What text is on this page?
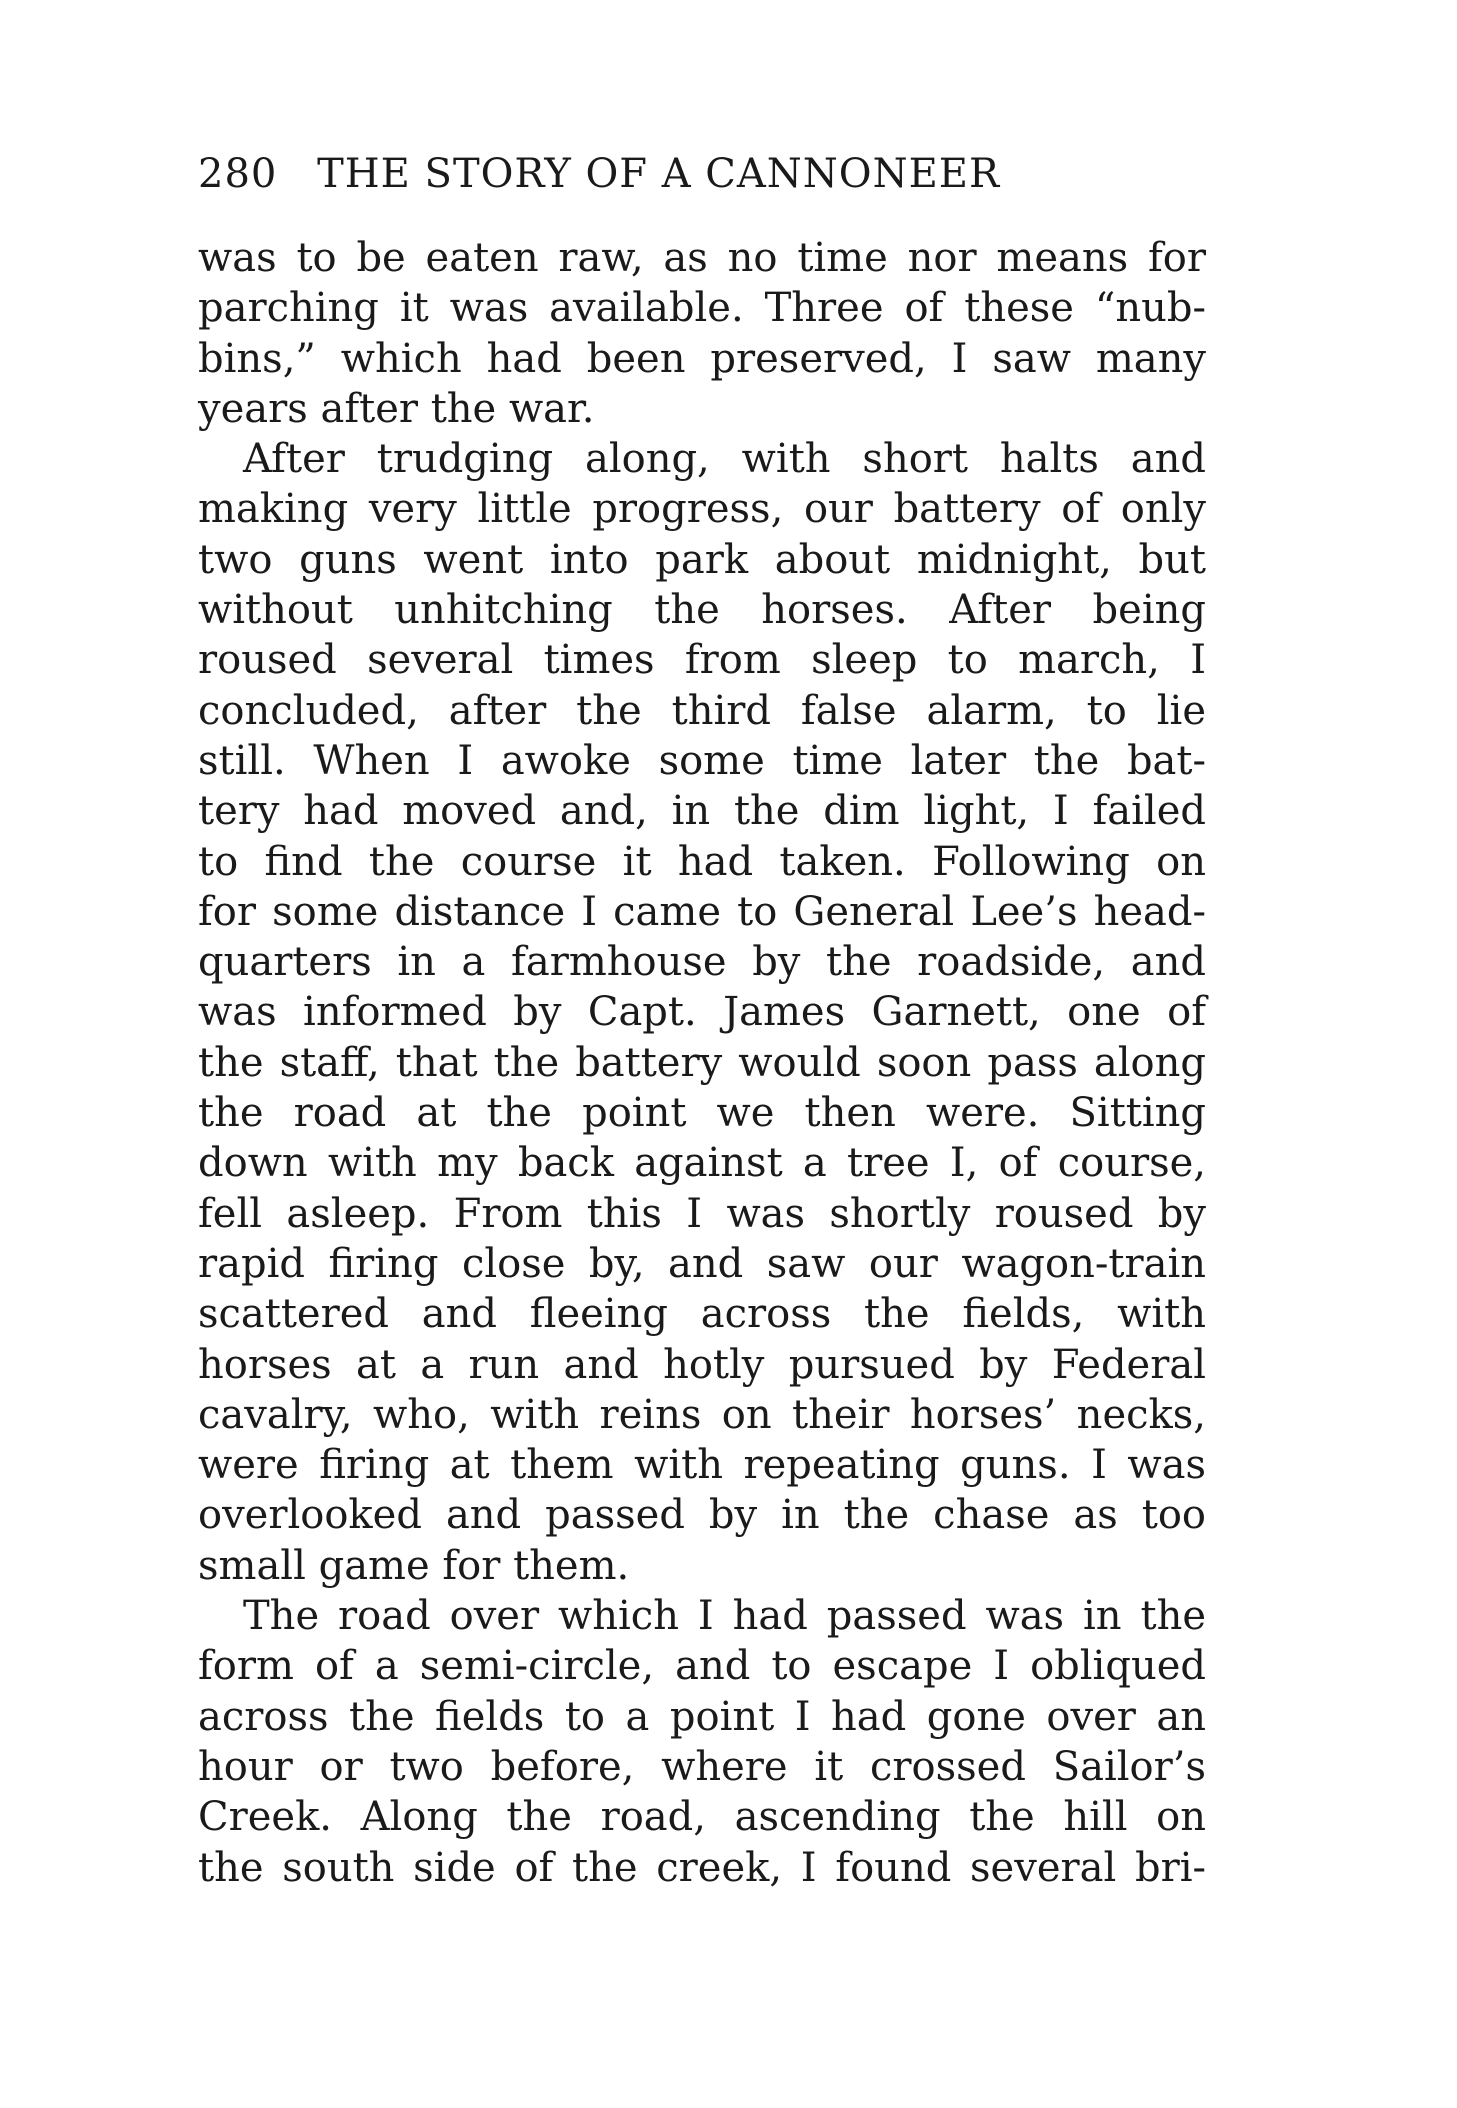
280 THE STORY OF A CANNONEER
was to be eaten raw, as no time nor means for
parching it was available. Three of these “nub-
bins,” which had been preserved, I saw many
years after the war.
After trudging along, with short halts and
making very little progress, our battery of only
two guns went into park about midnight, but
without unhitching the horses. After being
roused several times from sleep to march, I
concluded, after the third false alarm, to lie
still. When I awoke some time later the bat-
tery had moved and, in the dim light, I failed
to find the course it had taken. Following on
for some distance I came to General Lee’s head-
quarters in a farmhouse by the roadside, and
was informed by Capt. James Garnett, one of
the staff, that the battery would soon pass along
the road at the point we then were. Sitting
down with my back against a tree I, of course,
fell asleep. From this I was shortly roused by
rapid firing close by, and saw our wagon-train
scattered and fleeing across the fields, with
horses at a run and hotly pursued by Federal
cavalry, who, with reins on their horses’ necks,
were firing at them with repeating guns. I was
overlooked and passed by in the chase as too
small game for them.
The road over which I had passed was in the
form of a semi-circle, and to escape I obliqued
across the fields to a point I had gone over an
hour or two before, where it crossed Sailor’s
Creek. Along the road, ascending the hill on
the south side of the creek, I found several bri-
